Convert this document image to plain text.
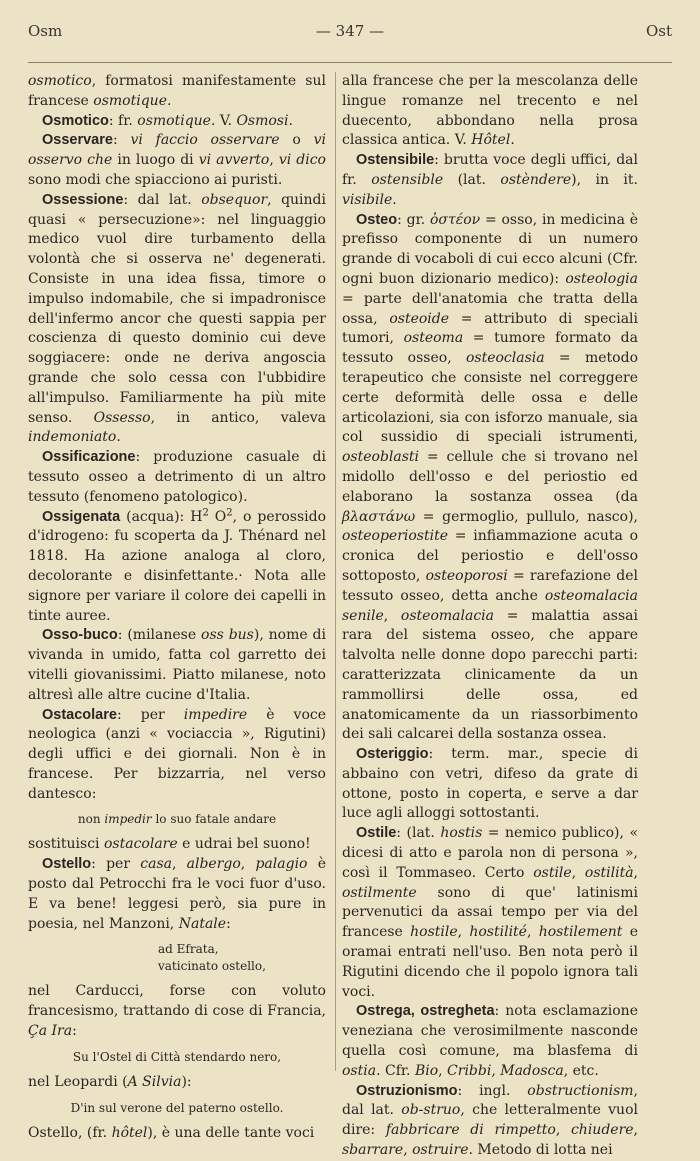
Osm	— 347 —	Ost

osmotico, formatosi manifestamente sul francese osmotique.

Osmotico: fr. osmotique. V. Osmosi.

Osservare: vi faccio osservare o vi osservo che in luogo di vi avverto, vi dico sono modi che spiacciono ai puristi.

Ossessione: dal lat. obsequor, quindi quasi « persecuzione»: nel linguaggio medico vuol dire turbamento della volontà che si osserva ne' degenerati. Consiste in una idea fissa, timore o impulso indomabile, che si impadronisce dell'infermo ancor che questi sappia per coscienza di questo dominio cui deve soggiacere: onde ne deriva angoscia grande che solo cessa con l'ubbidire all'impulso. Familiarmente ha più mite senso. Ossesso, in antico, valeva indemoniato.

Ossificazione: produzione casuale di tessuto osseo a detrimento di un altro tessuto (fenomeno patologico).

Ossigenata (acqua): $H^2$ $O^2$, o perossido d'idrogeno: fu scoperta da J. Thénard nel 1818. Ha azione analoga al cloro, decolorante e disinfettante.· Nota alle signore per variare il colore dei capelli in tinte auree.

Osso-buco: (milanese oss bus), nome di vivanda in umido, fatta col garretto dei vitelli giovanissimi. Piatto milanese, noto altresì alle altre cucine d'Italia.

Ostacolare: per impedire è voce neologica (anzi « vociaccia », Rigutini) degli uffici e dei giornali. Non è in francese. Per bizzarria, nel verso dantesco:

non impedir lo suo fatale andare

sostituisci ostacolare e udrai bel suono!

Ostello: per casa, albergo, palagio è posto dal Petrocchi fra le voci fuor d'uso. E va bene! leggesi però, sia pure in poesia, nel Manzoni, Natale:

ad Efrata,
vaticinato ostello,

nel Carducci, forse con voluto francesismo, trattando di cose di Francia, Ça Ira:

Su l'Ostel di Città stendardo nero,

nel Leopardi (A Silvia):

D'in sul verone del paterno ostello.

Ostello, (fr. hôtel), è una delle tante voci

alla francese che per la mescolanza delle lingue romanze nel trecento e nel duecento, abbondano nella prosa classica antica. V. Hôtel.

Ostensibile: brutta voce degli uffici, dal fr. ostensible (lat. ostèndere), in it. visibile.

Osteo: gr. ὀστέον = osso, in medicina è prefisso componente di un numero grande di vocaboli di cui ecco alcuni (Cfr. ogni buon dizionario medico): osteologia = parte dell'anatomia che tratta della ossa, osteoide = attributo di speciali tumori, osteoma = tumore formato da tessuto osseo, osteoclasia = metodo terapeutico che consiste nel correggere certe deformità delle ossa e delle articolazioni, sia con isforzo manuale, sia col sussidio di speciali istrumenti, osteoblasti = cellule che si trovano nel midollo dell'osso e del periostio ed elaborano la sostanza ossea (da βλαστάνω = germoglio, pullulo, nasco), osteoperiostite = infiammazione acuta o cronica del periostio e dell'osso sottoposto, osteoporosi = rarefazione del tessuto osseo, detta anche osteomalacia senile, osteomalacia = malattia assai rara del sistema osseo, che appare talvolta nelle donne dopo parecchi parti: caratterizzata clinicamente da un rammollirsi delle ossa, ed anatomicamente da un riassorbimento dei sali calcarei della sostanza ossea.

Osteriggio: term. mar., specie di abbaino con vetri, difeso da grate di ottone, posto in coperta, e serve a dar luce agli alloggi sottostanti.

Ostile: (lat. hostis = nemico publico), « dicesi di atto e parola non di persona », così il Tommaseo. Certo ostile, ostilità, ostilmente sono di que' latinismi pervenutici da assai tempo per via del francese hostile, hostilité, hostilement e oramai entrati nell'uso. Ben nota però il Rigutini dicendo che il popolo ignora tali voci.

Ostrega, ostregheta: nota esclamazione veneziana che verosimilmente nasconde quella così comune, ma blasfema di ostia. Cfr. Bio, Cribbi, Madosca, etc.

Ostruzionismo: ingl. obstructionism, dal lat. ob-struo, che letteralmente vuol dire: fabbricare di rimpetto, chiudere, sbarrare, ostruire. Metodo di lotta nei
